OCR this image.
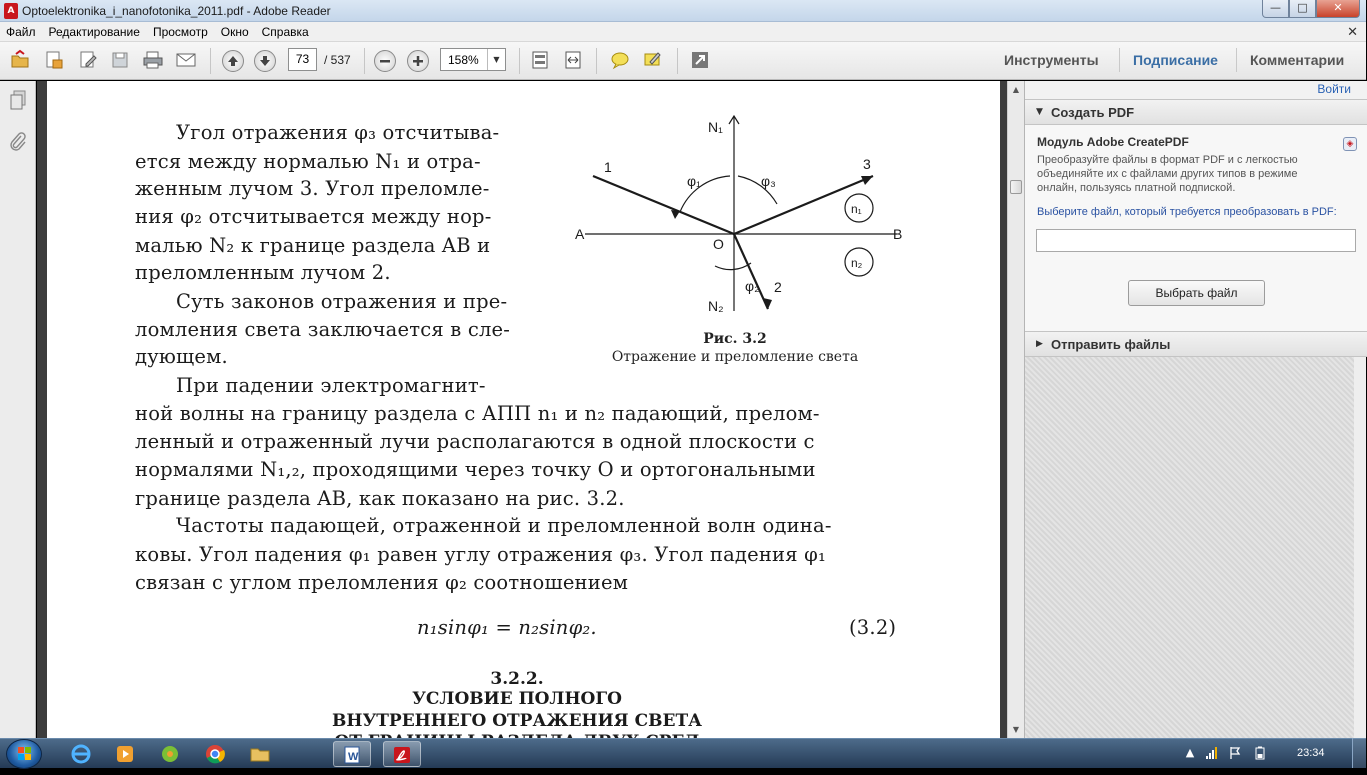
A Optoelektronika_i_nanofotonika_2011.pdf - Adobe Reader	—	□	✕
Файл Редактирование Просмотр Окно Справка	✕
73	/ 537	158%	▼	Инструменты Подписание Комментарии
Угол отражения φ₃ отсчитыва-
ется между нормалью N₁ и отра-
женным лучом 3. Угол преломле-
ния φ₂ отсчитывается между нор-
малью N₂ к границе раздела AB и
преломленным лучом 2.
Суть законов отражения и пре-
ломления света заключается в сле-
дующем.
При падении электромагнит-
ной волны на границу раздела с АПП n₁ и n₂ падающий, прелом-
ленный и отраженный лучи располагаются в одной плоскости с
нормалями N₁,₂, проходящими через точку O и ортогональными
границе раздела AB, как показано на рис. 3.2.
Частоты падающей, отраженной и преломленной волн одина-
ковы. Угол падения φ₁ равен углу отражения φ₃. Угол падения φ₁
связан с углом преломления φ₂ соотношением
n₁sinφ₁ = n₂sinφ₂.	(3.2)
3.2.2.
УСЛОВИЕ ПОЛНОГО
ВНУТРЕННЕГО ОТРАЖЕНИЯ СВЕТА
N₁
N₂
1	3
2
φ₁	φ₃
φ₂
A	B
O
n₁
n₂
Рис. 3.2
Отражение и преломление света
▲
▼
Войти
▼ Создать PDF
Модуль Adobe CreatePDF	◈
Преобразуйте файлы в формат PDF и с легкостью объединяйте их с файлами других типов в режиме онлайн, пользуясь платной подпиской.
Выберите файл, который требуется преобразовать в PDF:
▶ Отправить файлы
Выбрать файл
W	▲	23:34
